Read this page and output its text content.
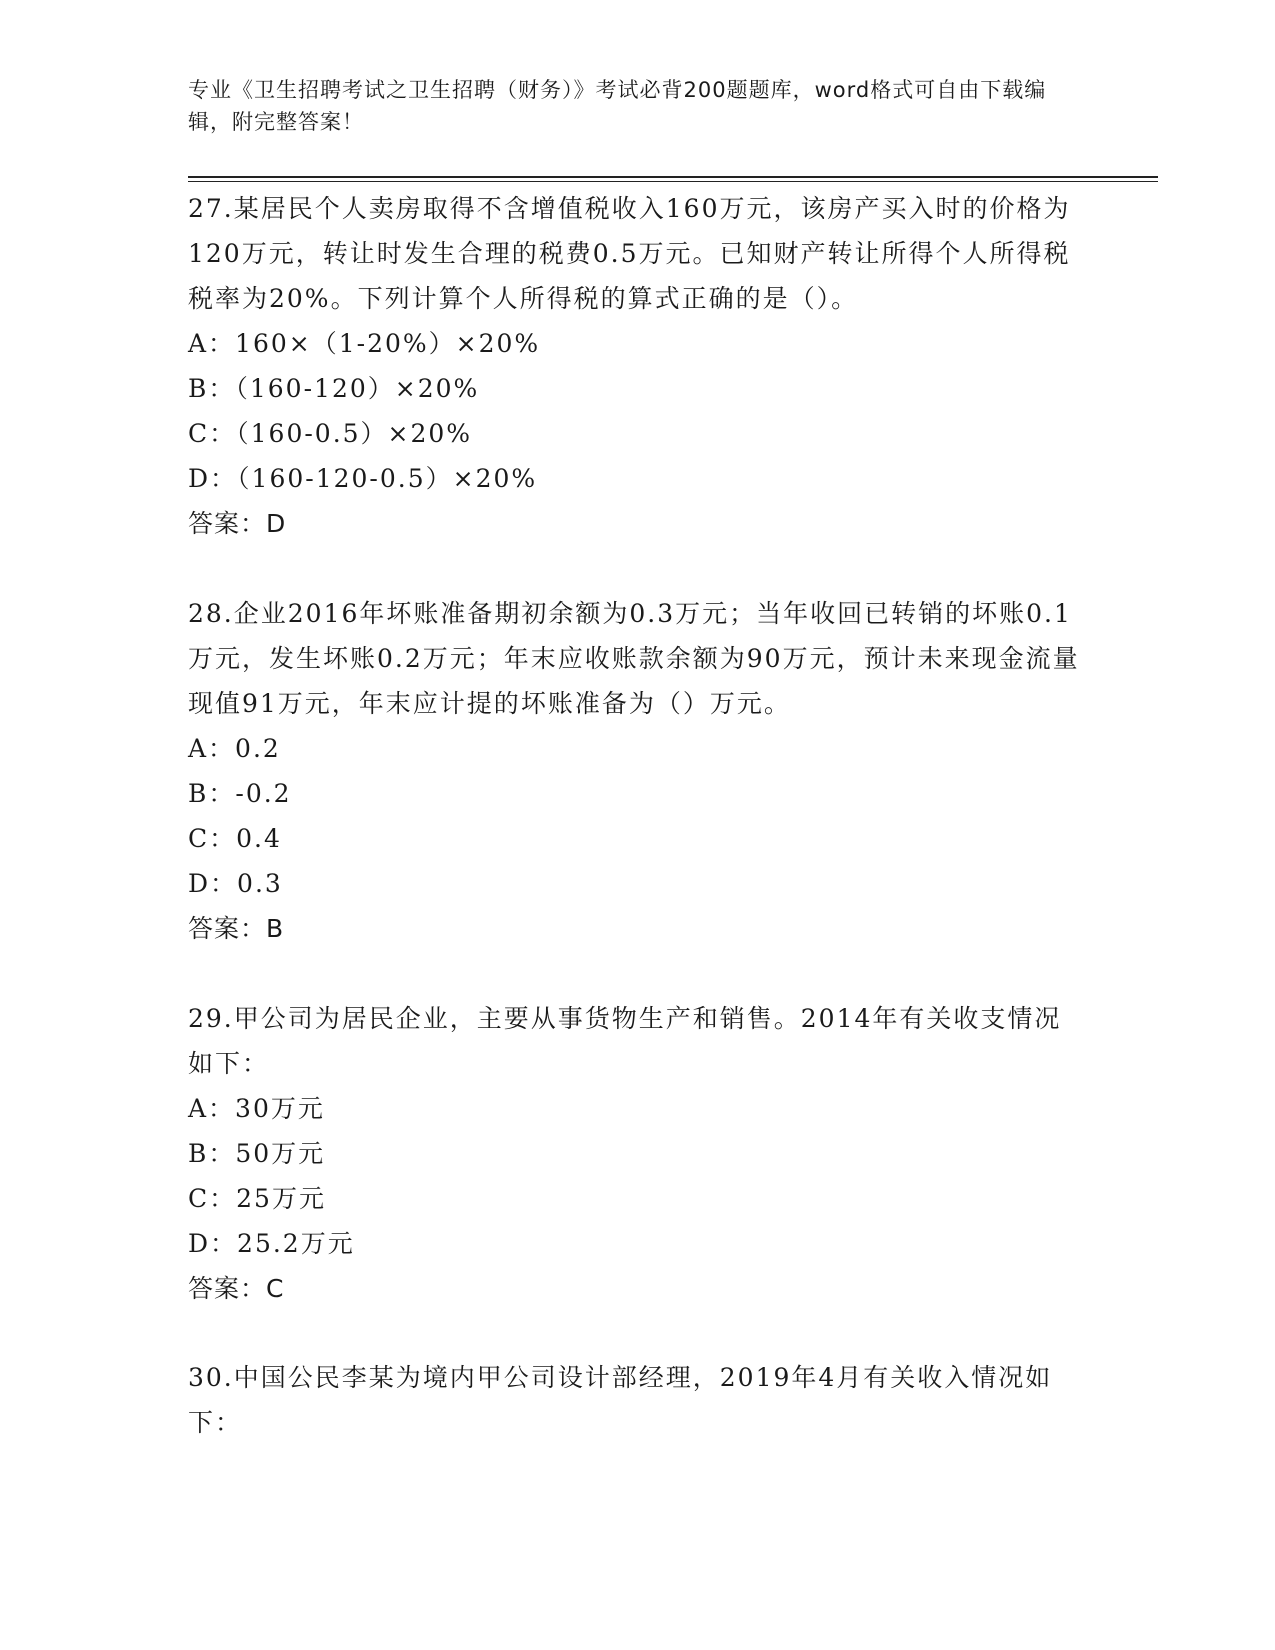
专业《卫生招聘考试之卫生招聘（财务）》考试必背200题题库，word格式可自由下载编辑，附完整答案！

27.某居民个人卖房取得不含增值税收入160万元，该房产买入时的价格为120万元，转让时发生合理的税费0.5万元。已知财产转让所得个人所得税税率为20%。下列计算个人所得税的算式正确的是（）。

A：160×（1-20%）×20%

B：（160-120）×20%

C：（160-0.5）×20%

D：（160-120-0.5）×20%

答案：D

28.企业2016年坏账准备期初余额为0.3万元；当年收回已转销的坏账0.1万元，发生坏账0.2万元；年末应收账款余额为90万元，预计未来现金流量现值91万元，年末应计提的坏账准备为（）万元。

A：0.2

B：-0.2

C：0.4

D：0.3

答案：B

29.甲公司为居民企业，主要从事货物生产和销售。2014年有关收支情况如下：

A：30万元

B：50万元

C：25万元

D：25.2万元

答案：C

30.中国公民李某为境内甲公司设计部经理，2019年4月有关收入情况如下：
